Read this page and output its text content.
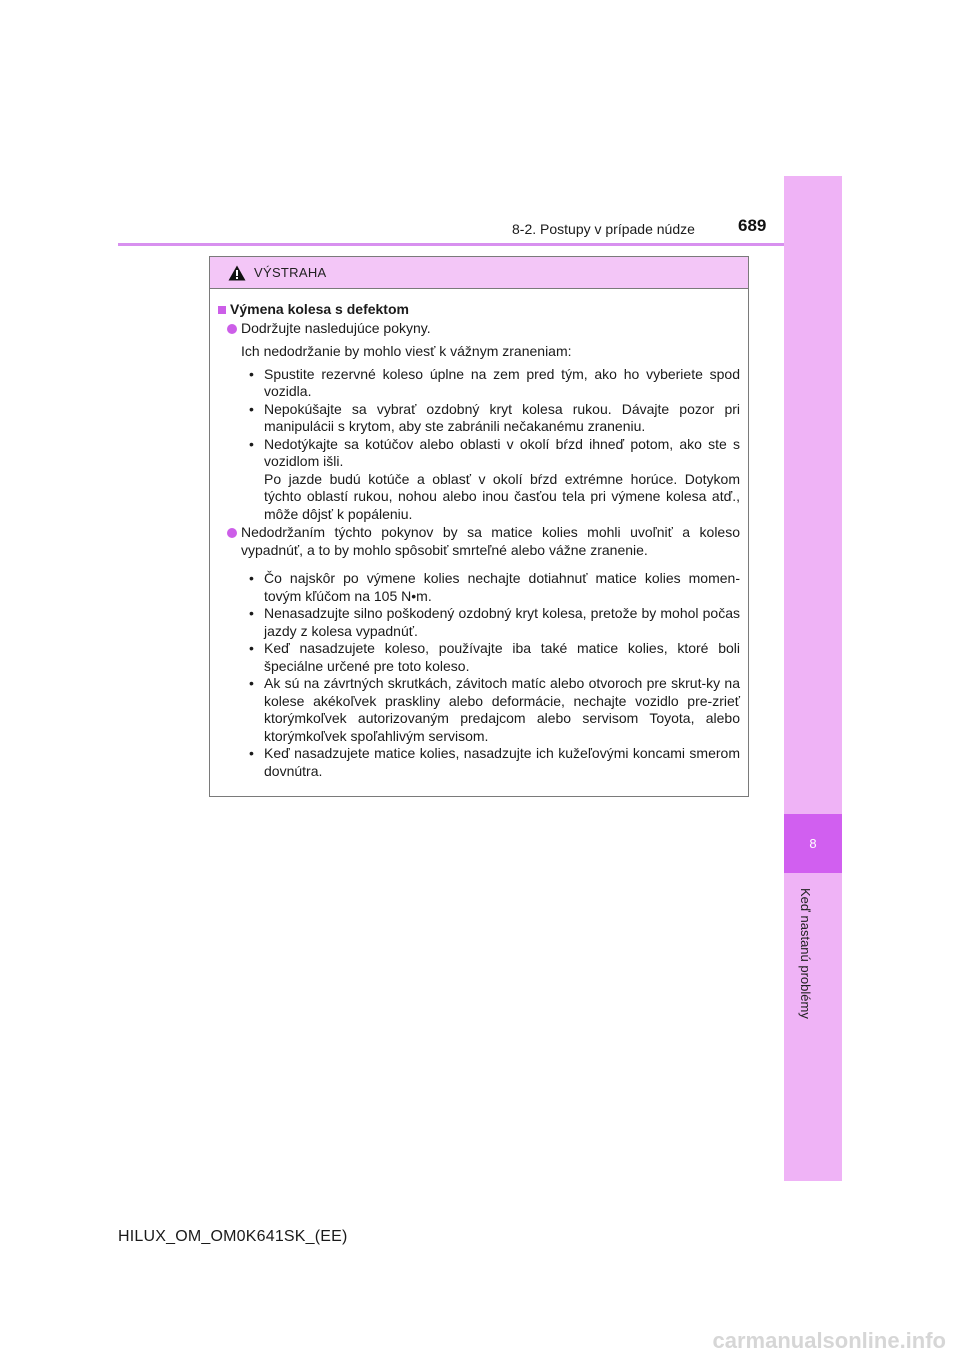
8
Keď nastanú problémy
8-2. Postupy v prípade núdze	689
VÝSTRAHA
Výmena kolesa s defektom
Dodržujte nasledujúce pokyny.
Ich nedodržanie by mohlo viesť k vážnym zraneniam:
• Spustite rezervné koleso úplne na zem pred tým, ako ho vyberiete spod vozidla.
• Nepokúšajte sa vybrať ozdobný kryt kolesa rukou. Dávajte pozor pri manipulácii s krytom, aby ste zabránili nečakanému zraneniu.
• Nedotýkajte sa kotúčov alebo oblasti v okolí bŕzd ihneď potom, ako ste s vozidlom išli.
Po jazde budú kotúče a oblasť v okolí bŕzd extrémne horúce. Dotykom týchto oblastí rukou, nohou alebo inou časťou tela pri výmene kolesa atď., môže dôjsť k popáleniu.
Nedodržaním týchto pokynov by sa matice kolies mohli uvoľniť a koleso vypadnúť, a to by mohlo spôsobiť smrteľné alebo vážne zranenie.
• Čo najskôr po výmene kolies nechajte dotiahnuť matice kolies momen-tovým kľúčom na 105 N•m.
• Nenasadzujte silno poškodený ozdobný kryt kolesa, pretože by mohol počas jazdy z kolesa vypadnúť.
• Keď nasadzujete koleso, používajte iba také matice kolies, ktoré boli špeciálne určené pre toto koleso.
• Ak sú na závrtných skrutkách, závitoch matíc alebo otvoroch pre skrut-ky na kolese akékoľvek praskliny alebo deformácie, nechajte vozidlo pre-zrieť ktorýmkoľvek autorizovaným predajcom alebo servisom Toyota, alebo ktorýmkoľvek spoľahlivým servisom.
• Keď nasadzujete matice kolies, nasadzujte ich kužeľovými koncami smerom dovnútra.
HILUX_OM_OM0K641SK_(EE)
carmanualsonline.info
